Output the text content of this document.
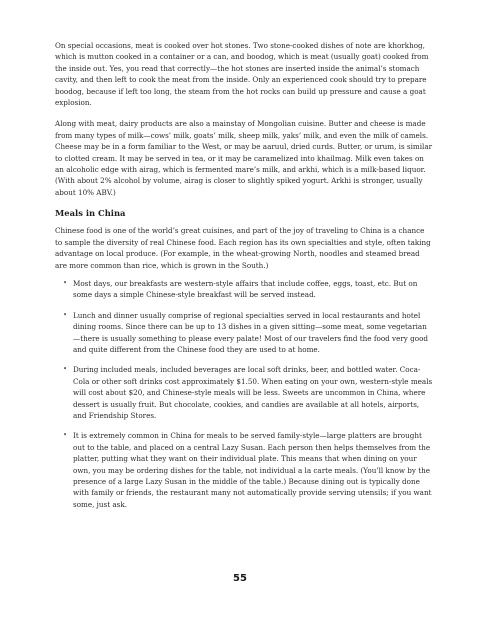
On special occasions, meat is cooked over hot stones. Two stone-cooked dishes of note are khorkhog, which is mutton cooked in a container or a can, and boodog, which is meat (usually goat) cooked from the inside out. Yes, you read that correctly—the hot stones are inserted inside the animal’s stomach cavity, and then left to cook the meat from the inside. Only an experienced cook should try to prepare boodog, because if left too long, the steam from the hot rocks can build up pressure and cause a goat explosion.

Along with meat, dairy products are also a mainstay of Mongolian cuisine. Butter and cheese is made from many types of milk—cows’ milk, goats’ milk, sheep milk, yaks’ milk, and even the milk of camels. Cheese may be in a form familiar to the West, or may be aaruul, dried curds. Butter, or urum, is similar to clotted cream. It may be served in tea, or it may be caramelized into khailmag. Milk even takes on an alcoholic edge with airag, which is fermented mare’s milk, and arkhi, which is a milk-based liquor. (With about 2% alcohol by volume, airag is closer to slightly spiked yogurt. Arkhi is stronger, usually about 10% ABV.)

Meals in China

Chinese food is one of the world’s great cuisines, and part of the joy of traveling to China is a chance to sample the diversity of real Chinese food. Each region has its own specialties and style, often taking advantage on local produce. (For example, in the wheat-growing North, noodles and steamed bread are more common than rice, which is grown in the South.)

• Most days, our breakfasts are western-style affairs that include coffee, eggs, toast, etc. But on some days a simple Chinese-style breakfast will be served instead.

• Lunch and dinner usually comprise of regional specialties served in local restaurants and hotel dining rooms. Since there can be up to 13 dishes in a given sitting—some meat, some vegetarian—there is usually something to please every palate! Most of our travelers find the food very good and quite different from the Chinese food they are used to at home.

• During included meals, included beverages are local soft drinks, beer, and bottled water. Coca-Cola or other soft drinks cost approximately $1.50. When eating on your own, western-style meals will cost about $20, and Chinese-style meals will be less. Sweets are uncommon in China, where dessert is usually fruit. But chocolate, cookies, and candies are available at all hotels, airports, and Friendship Stores.

• It is extremely common in China for meals to be served family-style—large platters are brought out to the table, and placed on a central Lazy Susan. Each person then helps themselves from the platter, putting what they want on their individual plate. This means that when dining on your own, you may be ordering dishes for the table, not individual a la carte meals. (You’ll know by the presence of a large Lazy Susan in the middle of the table.) Because dining out is typically done with family or friends, the restaurant many not automatically provide serving utensils; if you want some, just ask.

55
